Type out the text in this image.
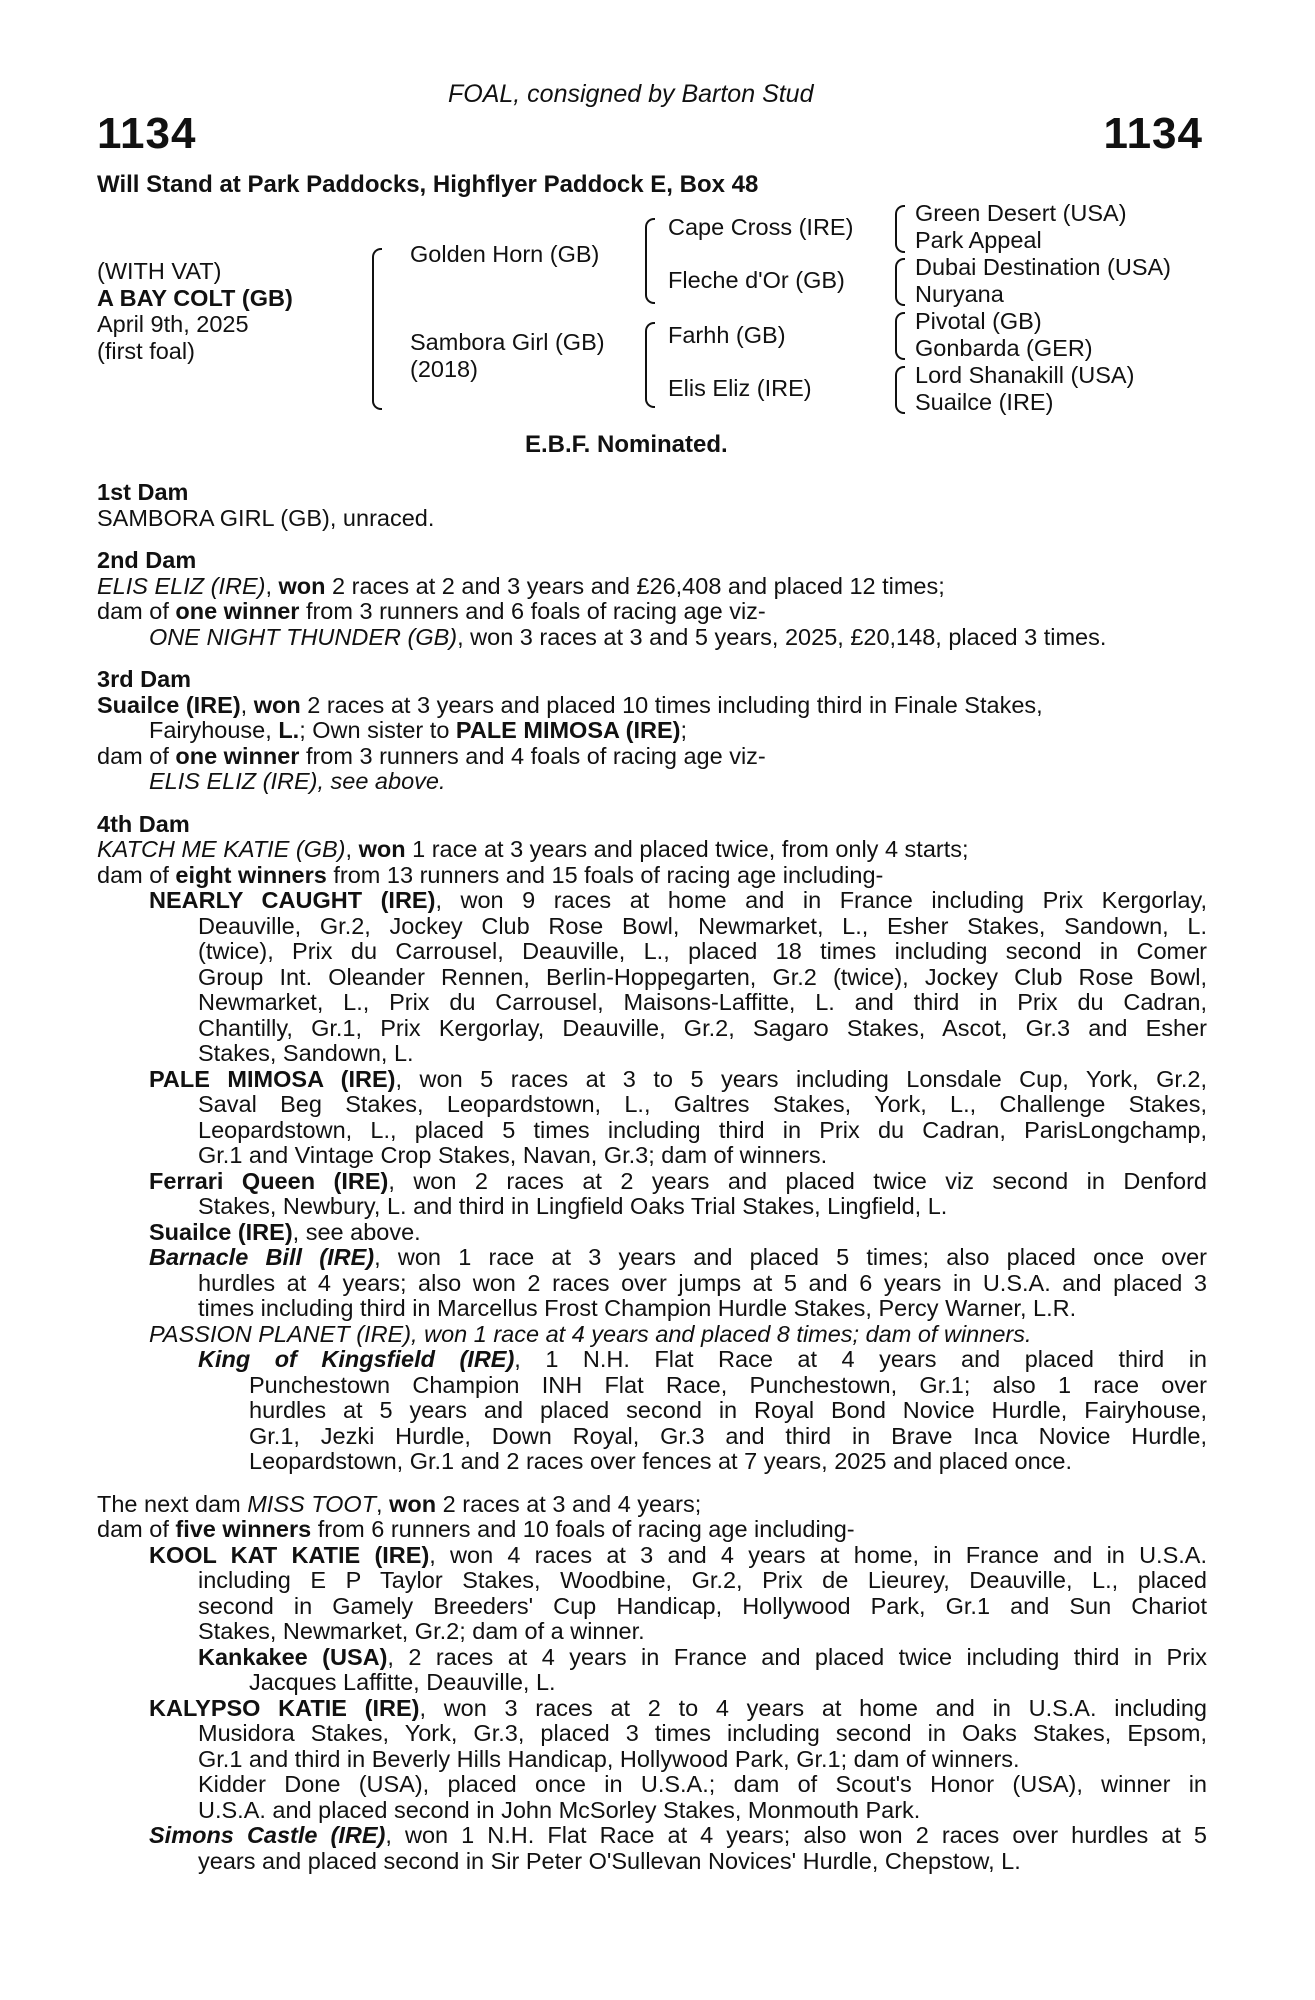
FOAL, consigned by Barton Stud
1134	1134
Will Stand at Park Paddocks, Highflyer Paddock E, Box 48
(WITH VAT)
A BAY COLT (GB)
April 9th, 2025
(first foal)
Golden Horn (GB)
Sambora Girl (GB)
(2018)
Cape Cross (IRE)
Fleche d'Or (GB)
Farhh (GB)
Elis Eliz (IRE)
Green Desert (USA)
Park Appeal
Dubai Destination (USA)
Nuryana
Pivotal (GB)
Gonbarda (GER)
Lord Shanakill (USA)
Suailce (IRE)
E.B.F. Nominated.
1st Dam
SAMBORA GIRL (GB), unraced.
2nd Dam
ELIS ELIZ (IRE), won 2 races at 2 and 3 years and £26,408 and placed 12 times;
dam of one winner from 3 runners and 6 foals of racing age viz-
ONE NIGHT THUNDER (GB), won 3 races at 3 and 5 years, 2025, £20,148, placed 3 times.
3rd Dam
Suailce (IRE), won 2 races at 3 years and placed 10 times including third in Finale Stakes,
Fairyhouse, L.; Own sister to PALE MIMOSA (IRE);
dam of one winner from 3 runners and 4 foals of racing age viz-
ELIS ELIZ (IRE), see above.
4th Dam
KATCH ME KATIE (GB), won 1 race at 3 years and placed twice, from only 4 starts;
dam of eight winners from 13 runners and 15 foals of racing age including-
NEARLY CAUGHT (IRE), won 9 races at home and in France including Prix Kergorlay,
Deauville, Gr.2, Jockey Club Rose Bowl, Newmarket, L., Esher Stakes, Sandown, L.
(twice), Prix du Carrousel, Deauville, L., placed 18 times including second in Comer
Group Int. Oleander Rennen, Berlin-Hoppegarten, Gr.2 (twice), Jockey Club Rose Bowl,
Newmarket, L., Prix du Carrousel, Maisons-Laffitte, L. and third in Prix du Cadran,
Chantilly, Gr.1, Prix Kergorlay, Deauville, Gr.2, Sagaro Stakes, Ascot, Gr.3 and Esher
Stakes, Sandown, L.
PALE MIMOSA (IRE), won 5 races at 3 to 5 years including Lonsdale Cup, York, Gr.2,
Saval Beg Stakes, Leopardstown, L., Galtres Stakes, York, L., Challenge Stakes,
Leopardstown, L., placed 5 times including third in Prix du Cadran, ParisLongchamp,
Gr.1 and Vintage Crop Stakes, Navan, Gr.3; dam of winners.
Ferrari Queen (IRE), won 2 races at 2 years and placed twice viz second in Denford
Stakes, Newbury, L. and third in Lingfield Oaks Trial Stakes, Lingfield, L.
Suailce (IRE), see above.
Barnacle Bill (IRE), won 1 race at 3 years and placed 5 times; also placed once over
hurdles at 4 years; also won 2 races over jumps at 5 and 6 years in U.S.A. and placed 3
times including third in Marcellus Frost Champion Hurdle Stakes, Percy Warner, L.R.
PASSION PLANET (IRE), won 1 race at 4 years and placed 8 times; dam of winners.
King of Kingsfield (IRE), 1 N.H. Flat Race at 4 years and placed third in
Punchestown Champion INH Flat Race, Punchestown, Gr.1; also 1 race over
hurdles at 5 years and placed second in Royal Bond Novice Hurdle, Fairyhouse,
Gr.1, Jezki Hurdle, Down Royal, Gr.3 and third in Brave Inca Novice Hurdle,
Leopardstown, Gr.1 and 2 races over fences at 7 years, 2025 and placed once.
The next dam MISS TOOT, won 2 races at 3 and 4 years;
dam of five winners from 6 runners and 10 foals of racing age including-
KOOL KAT KATIE (IRE), won 4 races at 3 and 4 years at home, in France and in U.S.A.
including E P Taylor Stakes, Woodbine, Gr.2, Prix de Lieurey, Deauville, L., placed
second in Gamely Breeders' Cup Handicap, Hollywood Park, Gr.1 and Sun Chariot
Stakes, Newmarket, Gr.2; dam of a winner.
Kankakee (USA), 2 races at 4 years in France and placed twice including third in Prix
Jacques Laffitte, Deauville, L.
KALYPSO KATIE (IRE), won 3 races at 2 to 4 years at home and in U.S.A. including
Musidora Stakes, York, Gr.3, placed 3 times including second in Oaks Stakes, Epsom,
Gr.1 and third in Beverly Hills Handicap, Hollywood Park, Gr.1; dam of winners.
Kidder Done (USA), placed once in U.S.A.; dam of Scout's Honor (USA), winner in
U.S.A. and placed second in John McSorley Stakes, Monmouth Park.
Simons Castle (IRE), won 1 N.H. Flat Race at 4 years; also won 2 races over hurdles at 5
years and placed second in Sir Peter O'Sullevan Novices' Hurdle, Chepstow, L.
